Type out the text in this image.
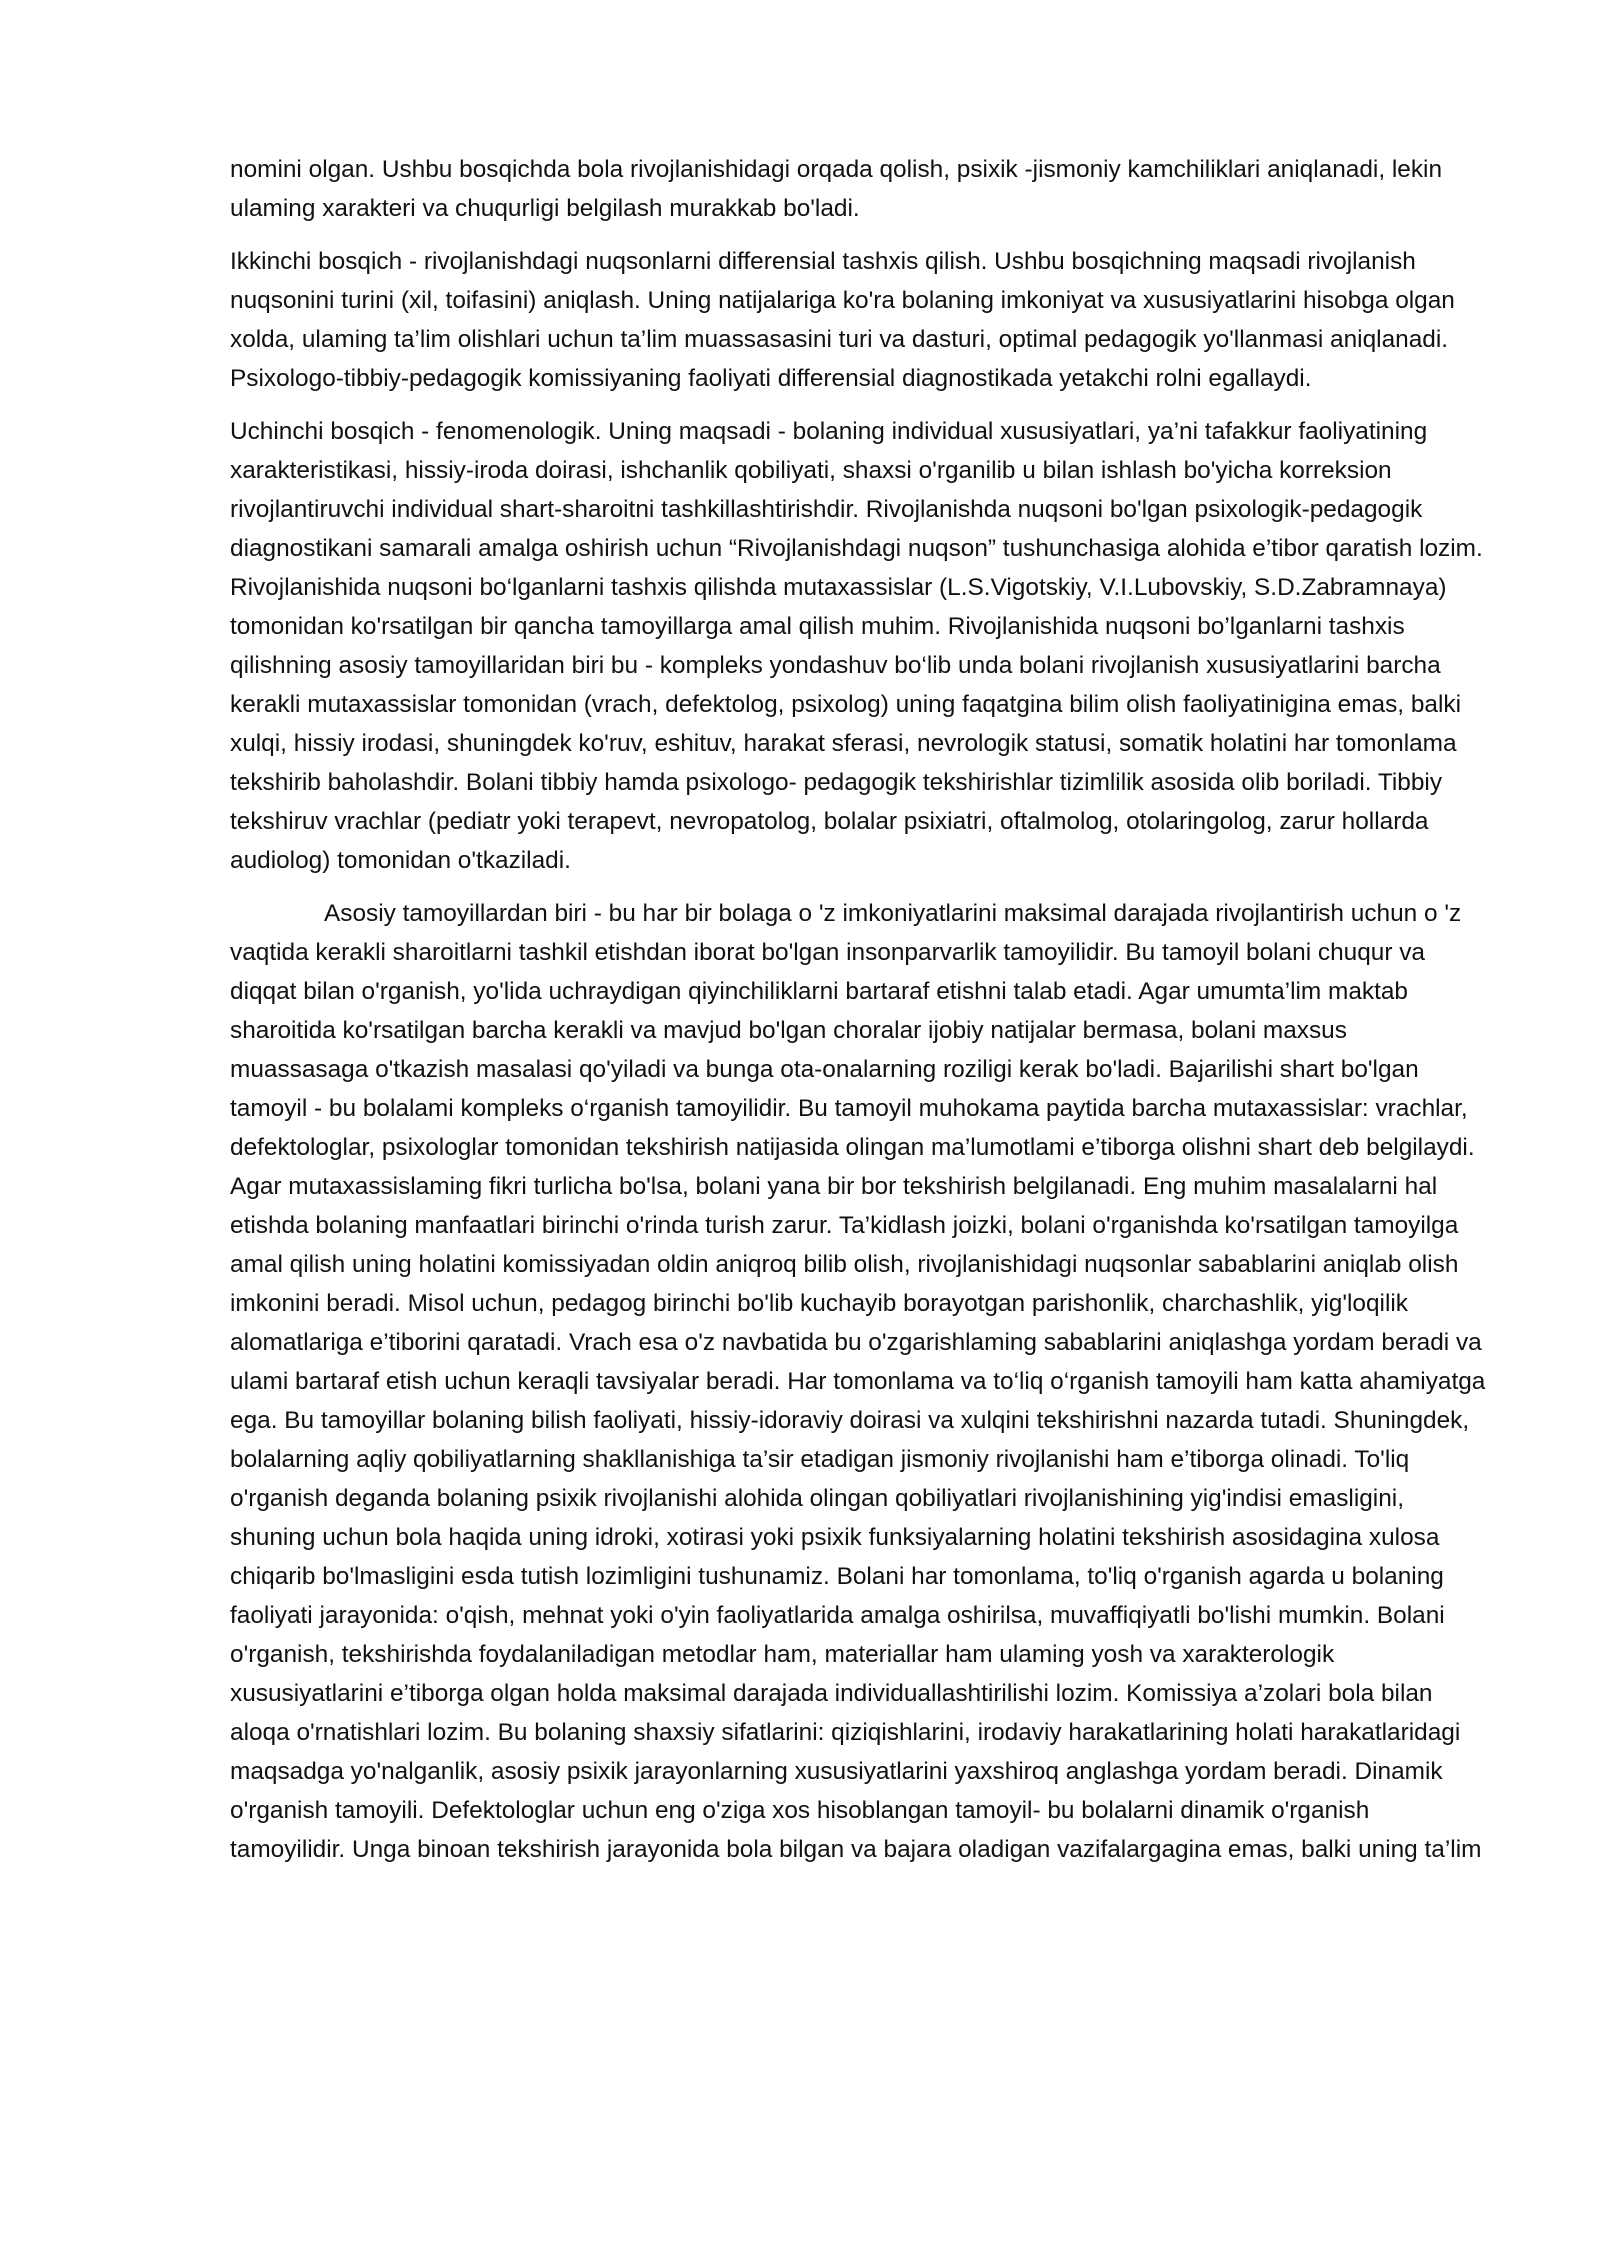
nomini olgan. Ushbu bosqichda bola rivojlanishidagi orqada qolish, psixik -jismoniy kamchiliklari aniqlanadi, lekin ulaming xarakteri va chuqurligi belgilash murakkab bo'ladi.

Ikkinchi bosqich - rivojlanishdagi nuqsonlarni differensial tashxis qilish. Ushbu bosqichning maqsadi rivojlanish nuqsonini turini (xil, toifasini) aniqlash. Uning natijalariga ko'ra bolaning imkoniyat va xususiyatlarini hisobga olgan xolda, ulaming ta’lim olishlari uchun ta’lim muassasasini turi va dasturi, optimal pedagogik yo'llanmasi aniqlanadi. Psixologo-tibbiy-pedagogik komissiyaning faoliyati differensial diagnostikada yetakchi rolni egallaydi.

Uchinchi bosqich - fenomenologik. Uning maqsadi - bolaning individual xususiyatlari, ya’ni tafakkur faoliyatining xarakteristikasi, hissiy-iroda doirasi, ishchanlik qobiliyati, shaxsi o'rganilib u bilan ishlash bo'yicha korreksion rivojlantiruvchi individual shart-sharoitni tashkillashtirishdir. Rivojlanishda nuqsoni bo'lgan psixologik-pedagogik diagnostikani samarali amalga oshirish uchun “Rivojlanishdagi nuqson” tushunchasiga alohida e’tibor qaratish lozim. Rivojlanishida nuqsoni bo‘lganlarni tashxis qilishda mutaxassislar (L.S.Vigotskiy, V.I.Lubovskiy, S.D.Zabramnaya) tomonidan ko'rsatilgan bir qancha tamoyillarga amal qilish muhim. Rivojlanishida nuqsoni bo’lganlarni tashxis qilishning asosiy tamoyillaridan biri bu - kompleks yondashuv bo‘lib unda bolani rivojlanish xususiyatlarini barcha kerakli mutaxassislar tomonidan (vrach, defektolog, psixolog) uning faqatgina bilim olish faoliyatinigina emas, balki xulqi, hissiy irodasi, shuningdek ko'ruv, eshituv, harakat sferasi, nevrologik statusi, somatik holatini har tomonlama tekshirib baholashdir. Bolani tibbiy hamda psixologo- pedagogik tekshirishlar tizimlilik asosida olib boriladi. Tibbiy tekshiruv vrachlar (pediatr yoki terapevt, nevropatolog, bolalar psixiatri, oftalmolog, otolaringolog, zarur hollarda audiolog) tomonidan o'tkaziladi.

Asosiy tamoyillardan biri - bu har bir bolaga o 'z imkoniyatlarini maksimal darajada rivojlantirish uchun o 'z vaqtida kerakli sharoitlarni tashkil etishdan iborat bo'lgan insonparvarlik tamoyilidir. Bu tamoyil bolani chuqur va diqqat bilan o'rganish, yo'lida uchraydigan qiyinchiliklarni bartaraf etishni talab etadi. Agar umumta’lim maktab sharoitida ko'rsatilgan barcha kerakli va mavjud bo'lgan choralar ijobiy natijalar bermasa, bolani maxsus muassasaga o'tkazish masalasi qo'yiladi va bunga ota-onalarning roziligi kerak bo'ladi. Bajarilishi shart bo'lgan tamoyil - bu bolalami kompleks o‘rganish tamoyilidir. Bu tamoyil muhokama paytida barcha mutaxassislar: vrachlar, defektologlar, psixologlar tomonidan tekshirish natijasida olingan ma’lumotlami e’tiborga olishni shart deb belgilaydi. Agar mutaxassislaming fikri turlicha bo'lsa, bolani yana bir bor tekshirish belgilanadi. Eng muhim masalalarni hal etishda bolaning manfaatlari birinchi o'rinda turish zarur. Ta’kidlash joizki, bolani o'rganishda ko'rsatilgan tamoyilga amal qilish uning holatini komissiyadan oldin aniqroq bilib olish, rivojlanishidagi nuqsonlar sabablarini aniqlab olish imkonini beradi. Misol uchun, pedagog birinchi bo'lib kuchayib borayotgan parishonlik, charchashlik, yig'loqilik alomatlariga e’tiborini qaratadi. Vrach esa o'z navbatida bu o'zgarishlaming sabablarini aniqlashga yordam beradi va ulami bartaraf etish uchun keraqli tavsiyalar beradi. Har tomonlama va to‘liq o‘rganish tamoyili ham katta ahamiyatga ega. Bu tamoyillar bolaning bilish faoliyati, hissiy-idoraviy doirasi va xulqini tekshirishni nazarda tutadi. Shuningdek, bolalarning aqliy qobiliyatlarning shakllanishiga ta’sir etadigan jismoniy rivojlanishi ham e’tiborga olinadi. To'liq o'rganish deganda bolaning psixik rivojlanishi alohida olingan qobiliyatlari rivojlanishining yig'indisi emasligini, shuning uchun bola haqida uning idroki, xotirasi yoki psixik funksiyalarning holatini tekshirish asosidagina xulosa chiqarib bo'lmasligini esda tutish lozimligini tushunamiz. Bolani har tomonlama, to'liq o'rganish agarda u bolaning faoliyati jarayonida: o'qish, mehnat yoki o'yin faoliyatlarida amalga oshirilsa, muvaffiqiyatli bo'lishi mumkin. Bolani o'rganish, tekshirishda foydalaniladigan metodlar ham, materiallar ham ulaming yosh va xarakterologik xususiyatlarini e’tiborga olgan holda maksimal darajada individuallashtirilishi lozim. Komissiya a’zolari bola bilan aloqa o'rnatishlari lozim. Bu bolaning shaxsiy sifatlarini: qiziqishlarini, irodaviy harakatlarining holati harakatlaridagi maqsadga yo'nalganlik, asosiy psixik jarayonlarning xususiyatlarini yaxshiroq anglashga yordam beradi. Dinamik o'rganish tamoyili. Defektologlar uchun eng o'ziga xos hisoblangan tamoyil- bu bolalarni dinamik o'rganish tamoyilidir. Unga binoan tekshirish jarayonida bola bilgan va bajara oladigan vazifalargagina emas, balki uning ta’lim
